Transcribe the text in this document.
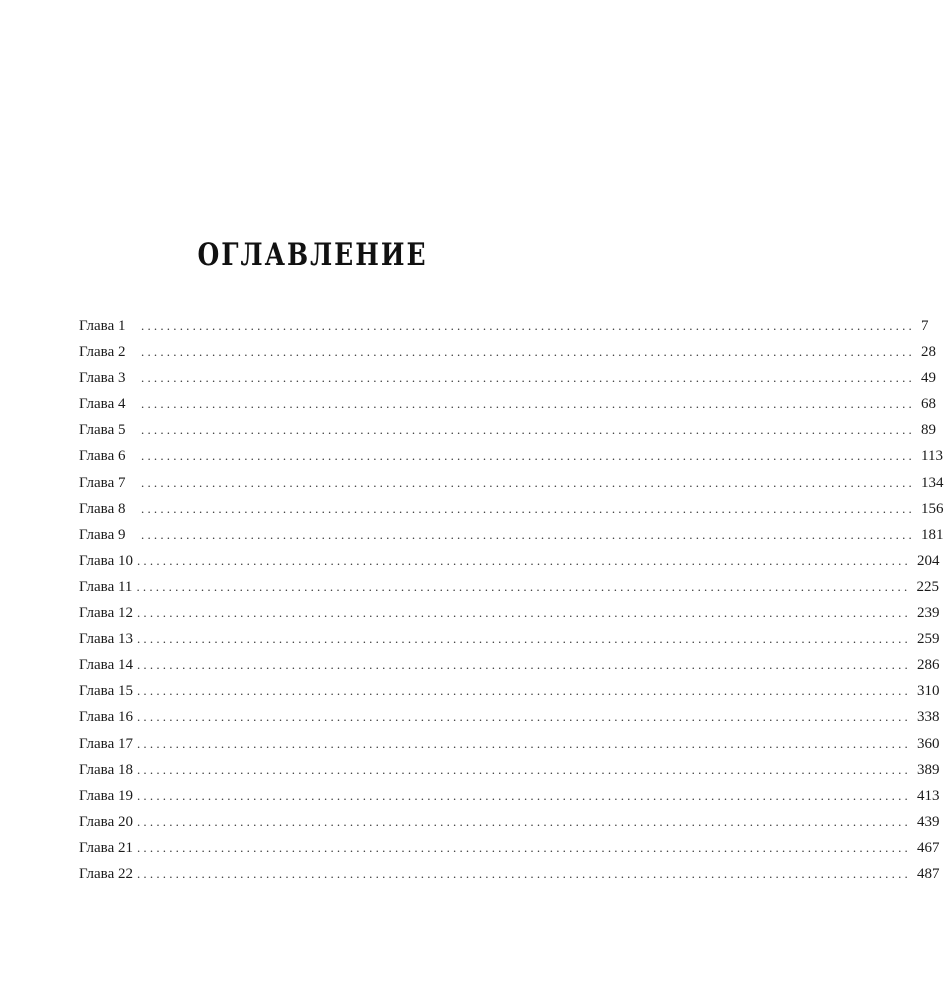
ОГЛАВЛЕНИЕ
Глава 1	........................................................................................................................ 7
Глава 2	........................................................................................................................ 28
Глава 3	........................................................................................................................ 49
Глава 4	........................................................................................................................ 68
Глава 5	........................................................................................................................ 89
Глава 6	........................................................................................................................ 113
Глава 7	........................................................................................................................ 134
Глава 8	........................................................................................................................ 156
Глава 9	........................................................................................................................ 181
Глава 10 ........................................................................................................................ 204
Глава 11 ........................................................................................................................ 225
Глава 12 ........................................................................................................................ 239
Глава 13 ........................................................................................................................ 259
Глава 14 ........................................................................................................................ 286
Глава 15 ........................................................................................................................ 310
Глава 16 ........................................................................................................................ 338
Глава 17 ........................................................................................................................ 360
Глава 18 ........................................................................................................................ 389
Глава 19 ........................................................................................................................ 413
Глава 20 ........................................................................................................................ 439
Глава 21 ........................................................................................................................ 467
Глава 22 ........................................................................................................................ 487
